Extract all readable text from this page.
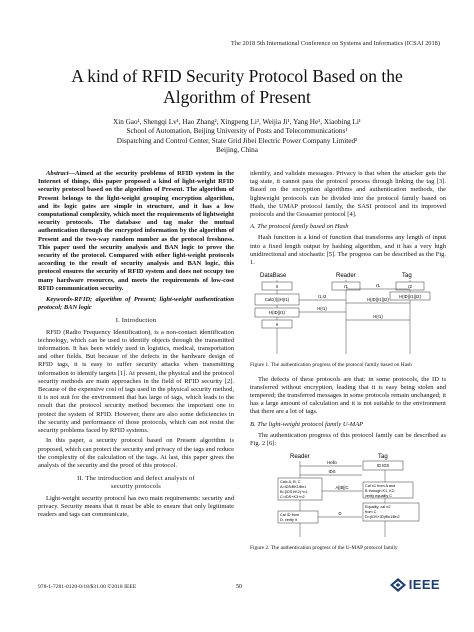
The 2018 5th International Conference on Systems and Informatics (ICSAI 2018)
A kind of RFID Security Protocol Based on the
Algorithm of Present
Xin Gao¹, Shengqi Lv¹, Hao Zhang², Xingpeng Li², Weijia Ji¹, Yang He¹, Xiaobing Li¹
School of Automation, Beijing University of Posts and Telecommunications¹
Dispatching and Control Center, State Grid Jibei Electric Power Company Limited²
Beijing, China

Abstract—Aimed at the security problems of RFID system in the Internet of things, this paper proposed a kind of light-weight RFID security protocol based on the algorithm of Present. The algorithm of Present belongs to the light-weight grouping encryption algorithm, and its logic gates are simple in structure, and it has a low computational complexity, which meet the requirements of lightweight security protocols. The database and tag make the mutual authentication through the encrypted information by the algorithm of Present and the two-way random number as the protocol freshness. This paper used the security analysis and BAN logic to prove the security of the protocol. Compared with other light-weight protocols according to the result of security analysis and BAN logic, this protocol ensures the security of RFID system and does not occupy too many hardware resources, and meets the requirements of low-cost RFID communication security.

Keywords-RFID; algorithm of Present; light-weight authentication protocol; BAN logic

I. Introduction

RFID (Radio Frequency Identification), is a non-contact identification technology, which can be used to identify objects through the transmitted information. It has been widely used in logistics, medical, transportation and other fields. But because of the defects in the hardware design of RFID tags, it is easy to suffer security attacks when transmitting information to identify targets [1]. At present, the physical and the protocol security methods are main approaches in the field of RFID security [2]. Because of the expensive cost of tags used in the physical security method, it is not suit for the environment that has large of tags, which leads to the result that the protocol security method becomes the important one to protect the system of RFID. However, there are also some deficiencies in the security and performance of those protocols, which can not resist the security problems faced by RFID systems.

In this paper, a security protocol based on Present algorithm is proposed, which can protect the security and privacy of the tags and reduce the complexity of the calculation of the tags. At last, this paper gives the analysis of the security and the proof of this protocol.

II. The introduction and defect analysis of
security protocols

Light-weight security protocol has two main requirements: security and privacy. Security means that it must be able to ensure that only legitimate readers and tags can communicate,

identify, and validate messages. Privacy is that when the attacker gets the tag state, it cannot pass the protocol process through linking the tag [3]. Based on the encryption algorithms and authentication methods, the lightweight protocols can be divided into the protocol family based on Hash, the UMAP protocol family, the SASI protocol and its improved protocols and the Gossamer protocol [4].

A. The protocol family based on Hash

Hash function is a kind of function that transforms any length of input into a fixed length output by hashing algorithm, and it has a very high unidirectional and stochastic [5]. The progress can be described as the Fig. 1.

DataBase	Reader	Tag
ri
Calc(r)||H(r1)
H(ID||r1)
ri
r1	r2
H(ID||r1||r2)
r1
H(ID||r1||r2)
r1,r2
H(r1)
H(r1)
Figure 1. The authentication progress of the protocol family based on Hash

The defects of these protocols are that: in some protocols, the ID is transferred without encryption, leading that it is easy being stolen and tempered; the transferred messages in some protocols remain unchanged; it has a large amount of calculation and it is not suitable to the environment that there are a lot of tags.

B. The light-weight protocol family U-MAP

The authentication progress of this protocol family can be described as Fig. 2 [6]:

Reader	Tag
Hello
ID IDS
IDS
Calc A, B, C A=IDS⊕K1⊕n1 B=(IDS∨K2)+n1 C=IDS+K3+n2
A||B||C	Cal n1 from A and B through K1, K2; verify equality C
Cal ID from D, verify it
D
Equality, cal n2 from C D=(IDS+ID)⊕n1⊕n2
Figure 2. The authentication progress of the U-MAP protocol family
978-1-7281-0120-0/18/$31.00 ©2018 IEEE	50	IEEE
